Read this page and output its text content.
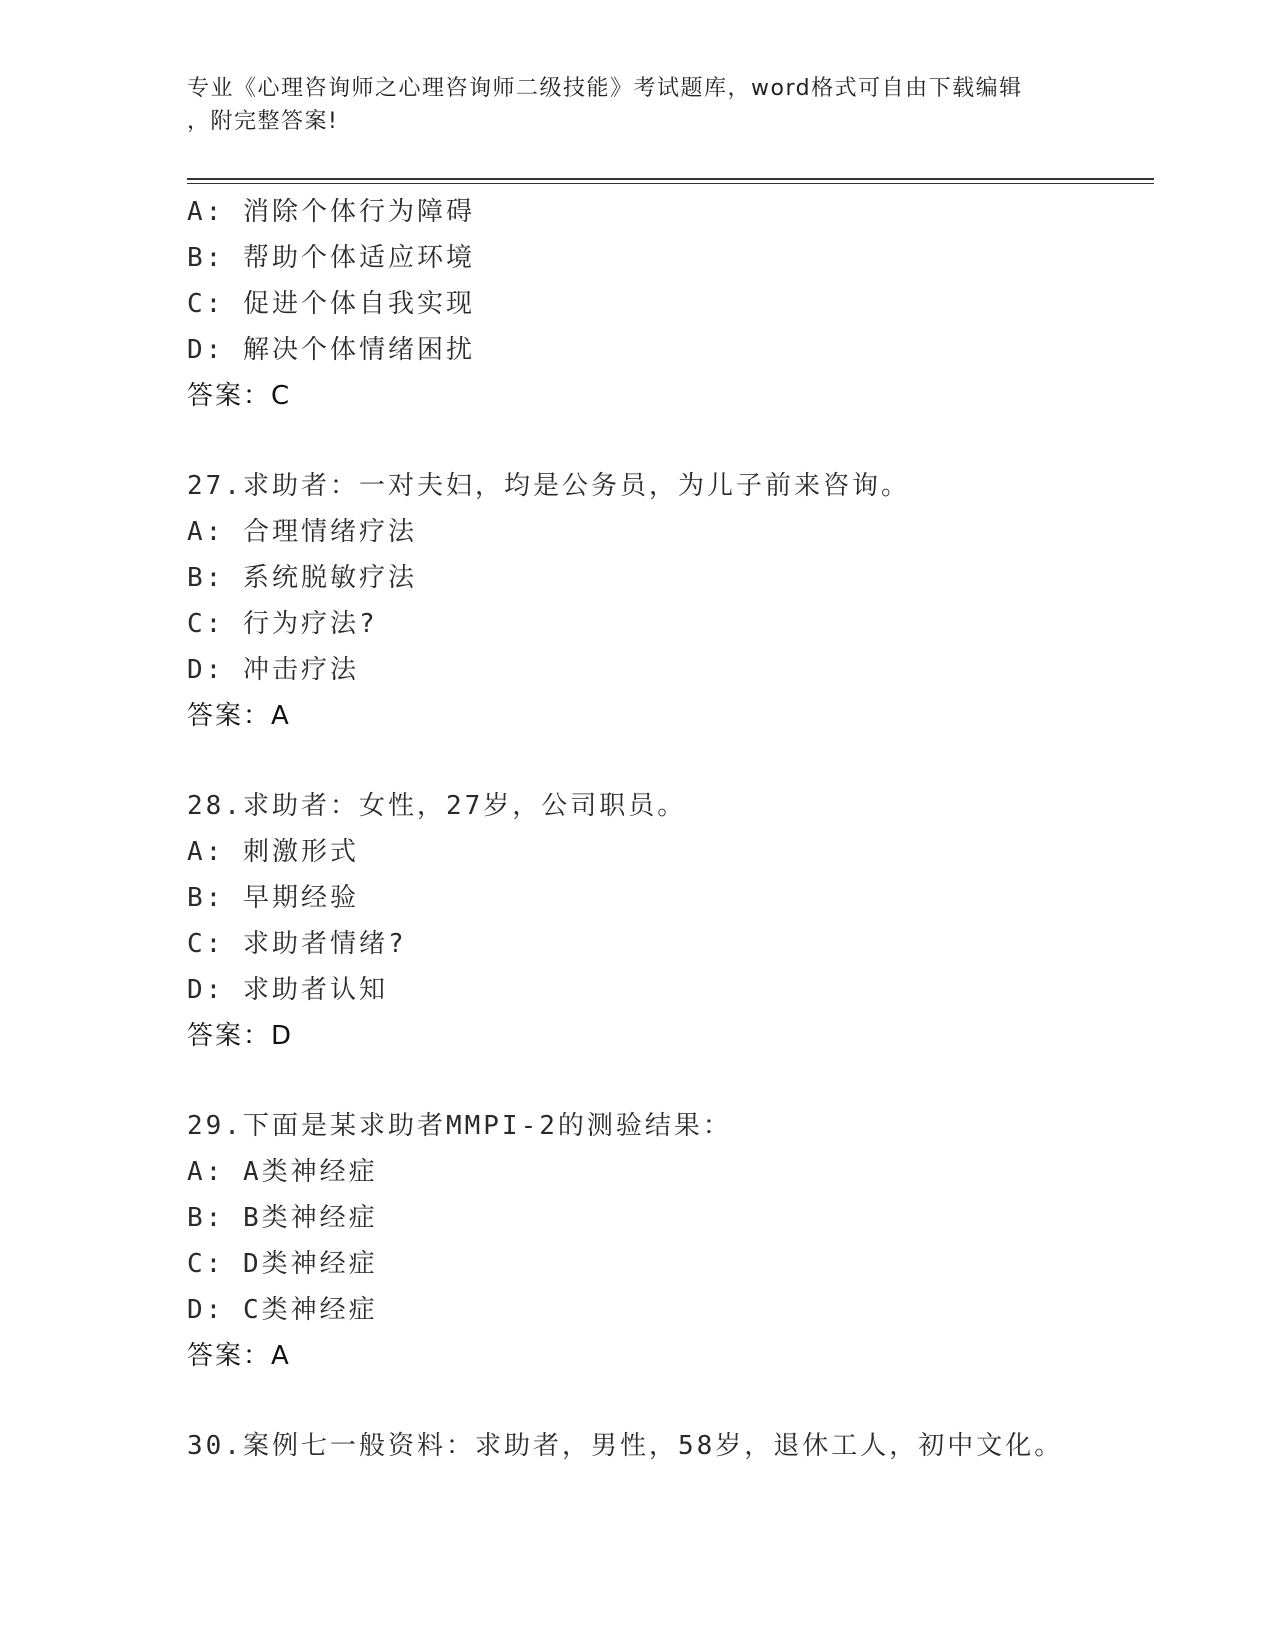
专业《心理咨询师之心理咨询师二级技能》考试题库，word格式可自由下载编辑
，附完整答案!
A: 消除个体行为障碍
B: 帮助个体适应环境
C: 促进个体自我实现
D: 解决个体情绪困扰
答案：C
27.求助者：一对夫妇，均是公务员，为儿子前来咨询。
A: 合理情绪疗法
B: 系统脱敏疗法
C: 行为疗法?
D: 冲击疗法
答案：A
28.求助者：女性，27岁，公司职员。
A: 刺激形式
B: 早期经验
C: 求助者情绪?
D: 求助者认知
答案：D
29.下面是某求助者MMPI-2的测验结果：
A: A类神经症
B: B类神经症
C: D类神经症
D: C类神经症
答案：A
30.案例七一般资料：求助者，男性，58岁，退休工人，初中文化。
